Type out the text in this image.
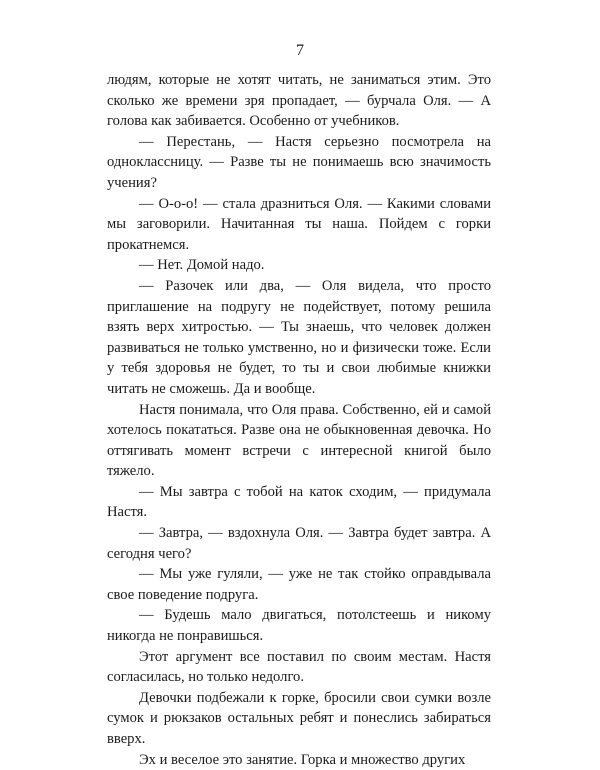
7

людям, которые не хотят читать, не заниматься этим. Это сколько же времени зря пропадает, — бурчала Оля. — А голова как забивается. Особенно от учебников.

— Перестань, — Настя серьезно посмотрела на одноклассницу. — Разве ты не понимаешь всю значимость учения?

— О-о-о! — стала дразниться Оля. — Какими словами мы заговорили. Начитанная ты наша. Пойдем с горки прокатнемся.

— Нет. Домой надо.

— Разочек или два, — Оля видела, что просто приглашение на подругу не подействует, потому решила взять верх хитростью. — Ты знаешь, что человек должен развиваться не только умственно, но и физически тоже. Если у тебя здоровья не будет, то ты и свои любимые книжки читать не сможешь. Да и вообще.

Настя понимала, что Оля права. Собственно, ей и самой хотелось покататься. Разве она не обыкновенная девочка. Но оттягивать момент встречи с интересной книгой было тяжело.

— Мы завтра с тобой на каток сходим, — придумала Настя.

— Завтра, — вздохнула Оля. — Завтра будет завтра. А сегодня чего?

— Мы уже гуляли, — уже не так стойко оправдывала свое поведение подруга.

— Будешь мало двигаться, потолстеешь и никому никогда не понравишься.

Этот аргумент все поставил по своим местам. Настя согласилась, но только недолго.

Девочки подбежали к горке, бросили свои сумки возле сумок и рюкзаков остальных ребят и понеслись забираться вверх.

Эх и веселое это занятие. Горка и множество других
